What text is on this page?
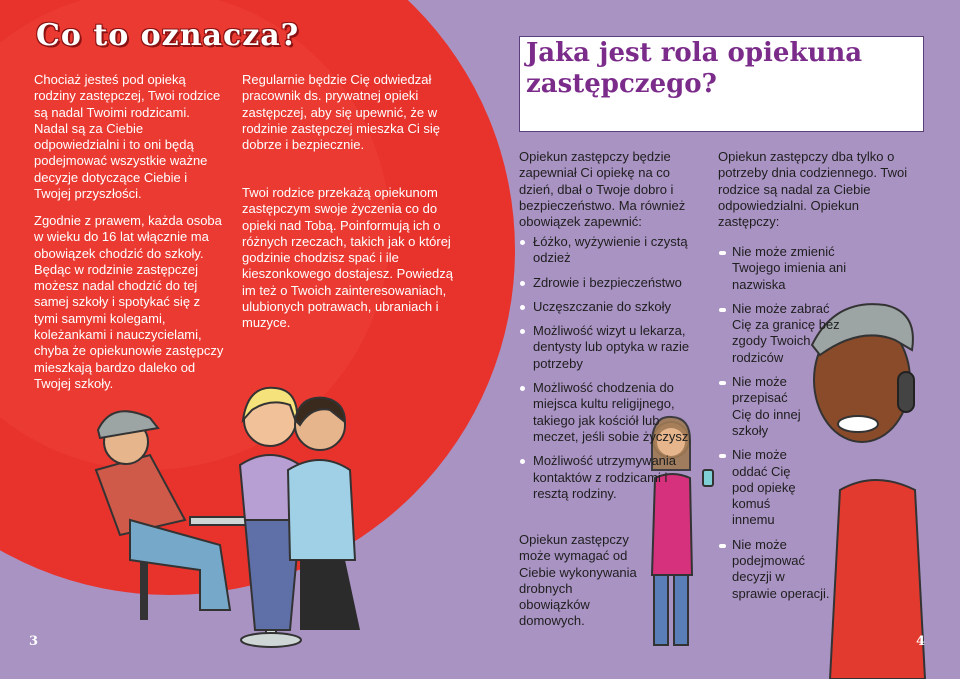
Co to oznacza?

Chociaż jesteś pod opieką rodziny zastępczej, Twoi rodzice są nadal Twoimi rodzicami. Nadal są za Ciebie odpowiedzialni i to oni będą podejmować wszystkie ważne decyzje dotyczące Ciebie i Twojej przyszłości.

Zgodnie z prawem, każda osoba w wieku do 16 lat włącznie ma obowiązek chodzić do szkoły. Będąc w rodzinie zastępczej możesz nadal chodzić do tej samej szkoły i spotykać się z tymi samymi kolegami, koleżankami i nauczycielami, chyba że opiekunowie zastępczy mieszkają bardzo daleko od Twojej szkoły.

Regularnie będzie Cię odwiedzał pracownik ds. prywatnej opieki zastępczej, aby się upewnić, że w rodzinie zastępczej mieszka Ci się dobrze i bezpiecznie.

Twoi rodzice przekażą opiekunom zastępczym swoje życzenia co do opieki nad Tobą. Poinformują ich o różnych rzeczach, takich jak o której godzinie chodzisz spać i ile kieszonkowego dostajesz. Powiedzą im też o Twoich zainteresowaniach, ulubionych potrawach, ubraniach i muzyce.

3
Jaka jest rola opiekuna zastępczego?

Opiekun zastępczy będzie zapewniał Ci opiekę na co dzień, dbał o Twoje dobro i bezpieczeństwo. Ma również obowiązek zapewnić:

Łóżko, wyżywienie i czystą odzież
Zdrowie i bezpieczeństwo
Uczęszczanie do szkoły
Możliwość wizyt u lekarza, dentysty lub optyka w razie potrzeby
Możliwość chodzenia do miejsca kultu religijnego, takiego jak kościół lub meczet, jeśli sobie życzysz
Możliwość utrzymywania kontaktów z rodzicami i resztą rodziny.

Opiekun zastępczy może wymagać od Ciebie wykonywania drobnych obowiązków domowych.

Opiekun zastępczy dba tylko o potrzeby dnia codziennego. Twoi rodzice są nadal za Ciebie odpowiedzialni. Opiekun zastępczy:

Nie może zmienić Twojego imienia ani nazwiska
Nie może zabrać Cię za granicę bez zgody Twoich rodziców
Nie może przepisać Cię do innej szkoły
Nie może oddać Cię pod opiekę komuś innemu
Nie może podejmować decyzji w sprawie operacji.
4
